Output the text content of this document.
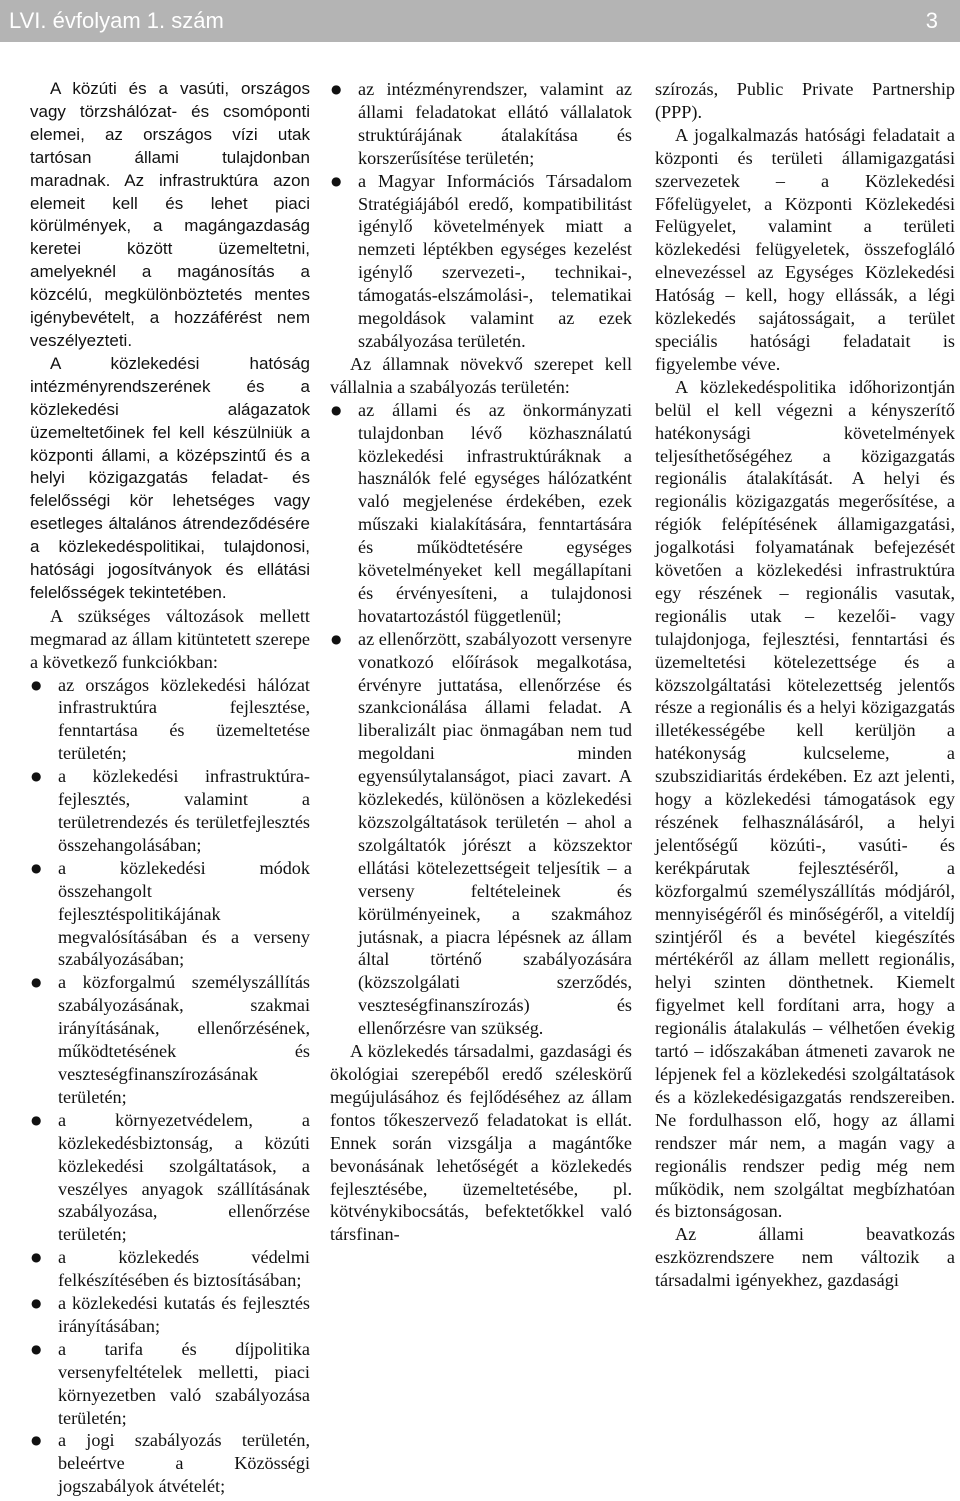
LVI. évfolyam 1. szám	3

A közúti és a vasúti, országos vagy törzshálózat- és csomóponti elemei, az országos vízi utak tartósan állami tulajdonban maradnak. Az infrastruktúra azon elemeit kell és lehet piaci körülmények, a magángazdaság keretei között üzemeltetni, amelyeknél a magánosítás a közcélú, megkülönböztetés mentes igénybevételt, a hozzáférést nem veszélyezteti.

A közlekedési hatóság intézményrendszerének és a közlekedési alágazatok üzemeltetőinek fel kell készülniük a központi állami, a középszintű és a helyi közigazgatás feladat- és felelősségi kör lehetséges vagy esetleges általános átrendeződésére a közlekedéspolitikai, tulajdonosi, hatósági jogosítványok és ellátási felelősségek tekintetében.

A szükséges változások mellett megmarad az állam kitüntetett szerepe a következő funkciókban:

● az országos közlekedési hálózat infrastruktúra fejlesztése, fenntartása és üzemeltetése területén;
● a közlekedési infrastruktúra-fejlesztés, valamint a területrendezés és területfejlesztés összehangolásában;
● a közlekedési módok összehangolt fejlesztéspolitikájának megvalósításában és a verseny szabályozásában;
● a közforgalmú személyszállítás szabályozásának, szakmai irányításának, ellenőrzésének, működtetésének és veszteségfinanszírozásának területén;
● a környezetvédelem, a közlekedésbiztonság, a közúti közlekedési szolgáltatások, a veszélyes anyagok szállításának szabályozása, ellenőrzése területén;
● a közlekedés védelmi felkészítésében és biztosításában;
● a közlekedési kutatás és fejlesztés irányításában;
● a tarifa és díjpolitika versenyfeltételek melletti, piaci környezetben való szabályozása területén;
● a jogi szabályozás területén, beleértve a Közösségi jogszabályok átvételét;
● az intézményrendszer, valamint az állami feladatokat ellátó vállalatok struktúrájának átalakítása és korszerűsítése területén;
● a Magyar Információs Társadalom Stratégiájából eredő, kompatibilitást igénylő követelmények miatt a nemzeti léptékben egységes kezelést igénylő szervezeti-, technikai-, támogatás-elszámolási-, telematikai megoldások valamint az ezek szabályozása területén.

Az államnak növekvő szerepet kell vállalnia a szabályozás területén:

● az állami és az önkormányzati tulajdonban lévő közhasználatú közlekedési infrastruktúráknak a használók felé egységes hálózatként való megjelenése érdekében, ezek műszaki kialakítására, fenntartására és működtetésére egységes követelményeket kell megállapítani és érvényesíteni, a tulajdonosi hovatartozástól függetlenül;
● az ellenőrzött, szabályozott versenyre vonatkozó előírások megalkotása, érvényre juttatása, ellenőrzése és szankcionálása állami feladat. A liberalizált piac önmagában nem tud megoldani minden egyensúlytalanságot, piaci zavart. A közlekedés, különösen a közlekedési közszolgáltatások területén – ahol a szolgáltatók jórészt a közszektor ellátási kötelezettségeit teljesítik – a verseny feltételeinek és körülményeinek, a szakmához jutásnak, a piacra lépésnek az állam által történő szabályozására (közszolgálati szerződés, veszteségfinanszírozás) és ellenőrzésre van szükség.

A közlekedés társadalmi, gazdasági és ökológiai szerepéből eredő széleskörű megújulásához és fejlődéséhez az állam fontos tőkeszervező feladatokat is ellát. Ennek során vizsgálja a magántőke bevonásának lehetőségét a közlekedés fejlesztésébe, üzemeltetésébe, pl. kötvénykibocsátás, befektetőkkel való társfinan-

szírozás, Public Private Partnership (PPP).

A jogalkalmazás hatósági feladatait a központi és területi államigazgatási szervezetek – a Közlekedési Főfelügyelet, a Központi Közlekedési Felügyelet, valamint a területi közlekedési felügyeletek, összefogláló elnevezéssel az Egységes Közlekedési Hatóság – kell, hogy ellássák, a légi közlekedés sajátosságait, a terület speciális hatósági feladatait is figyelembe véve.

A közlekedéspolitika időhorizontján belül el kell végezni a kényszerítő hatékonysági követelmények teljesíthetőségéhez a közigazgatás regionális átalakítását. A helyi és regionális közigazgatás megerősítése, a régiók felépítésének államigazgatási, jogalkotási folyamatának befejezését követően a közlekedési infrastruktúra egy részének – regionális vasutak, regionális utak – kezelői- vagy tulajdonjoga, fejlesztési, fenntartási és üzemeltetési kötelezettsége és a közszolgáltatási kötelezettség jelentős része a regionális és a helyi közigazgatás illetékességébe kell kerüljön a hatékonyság kulcseleme, a szubszidiaritás érdekében. Ez azt jelenti, hogy a közlekedési támogatások egy részének felhasználásáról, a helyi jelentőségű közúti-, vasúti- és kerékpárutak fejlesztéséről, a közforgalmú személyszállítás módjáról, mennyiségéről és minőségéről, a viteldíj szintjéről és a bevétel kiegészítés mértékéről az állam mellett regionális, helyi szinten dönthetnek. Kiemelt figyelmet kell fordítani arra, hogy a regionális átalakulás – vélhetően évekig tartó – időszakában átmeneti zavarok ne lépjenek fel a közlekedési szolgáltatások és a közlekedésigazgatás rendszereiben. Ne fordulhasson elő, hogy az állami rendszer már nem, a magán vagy a regionális rendszer pedig még nem működik, nem szolgáltat megbízhatóan és biztonságosan.

Az állami beavatkozás eszközrendszere nem változik a társadalmi igényekhez, gazdasági
